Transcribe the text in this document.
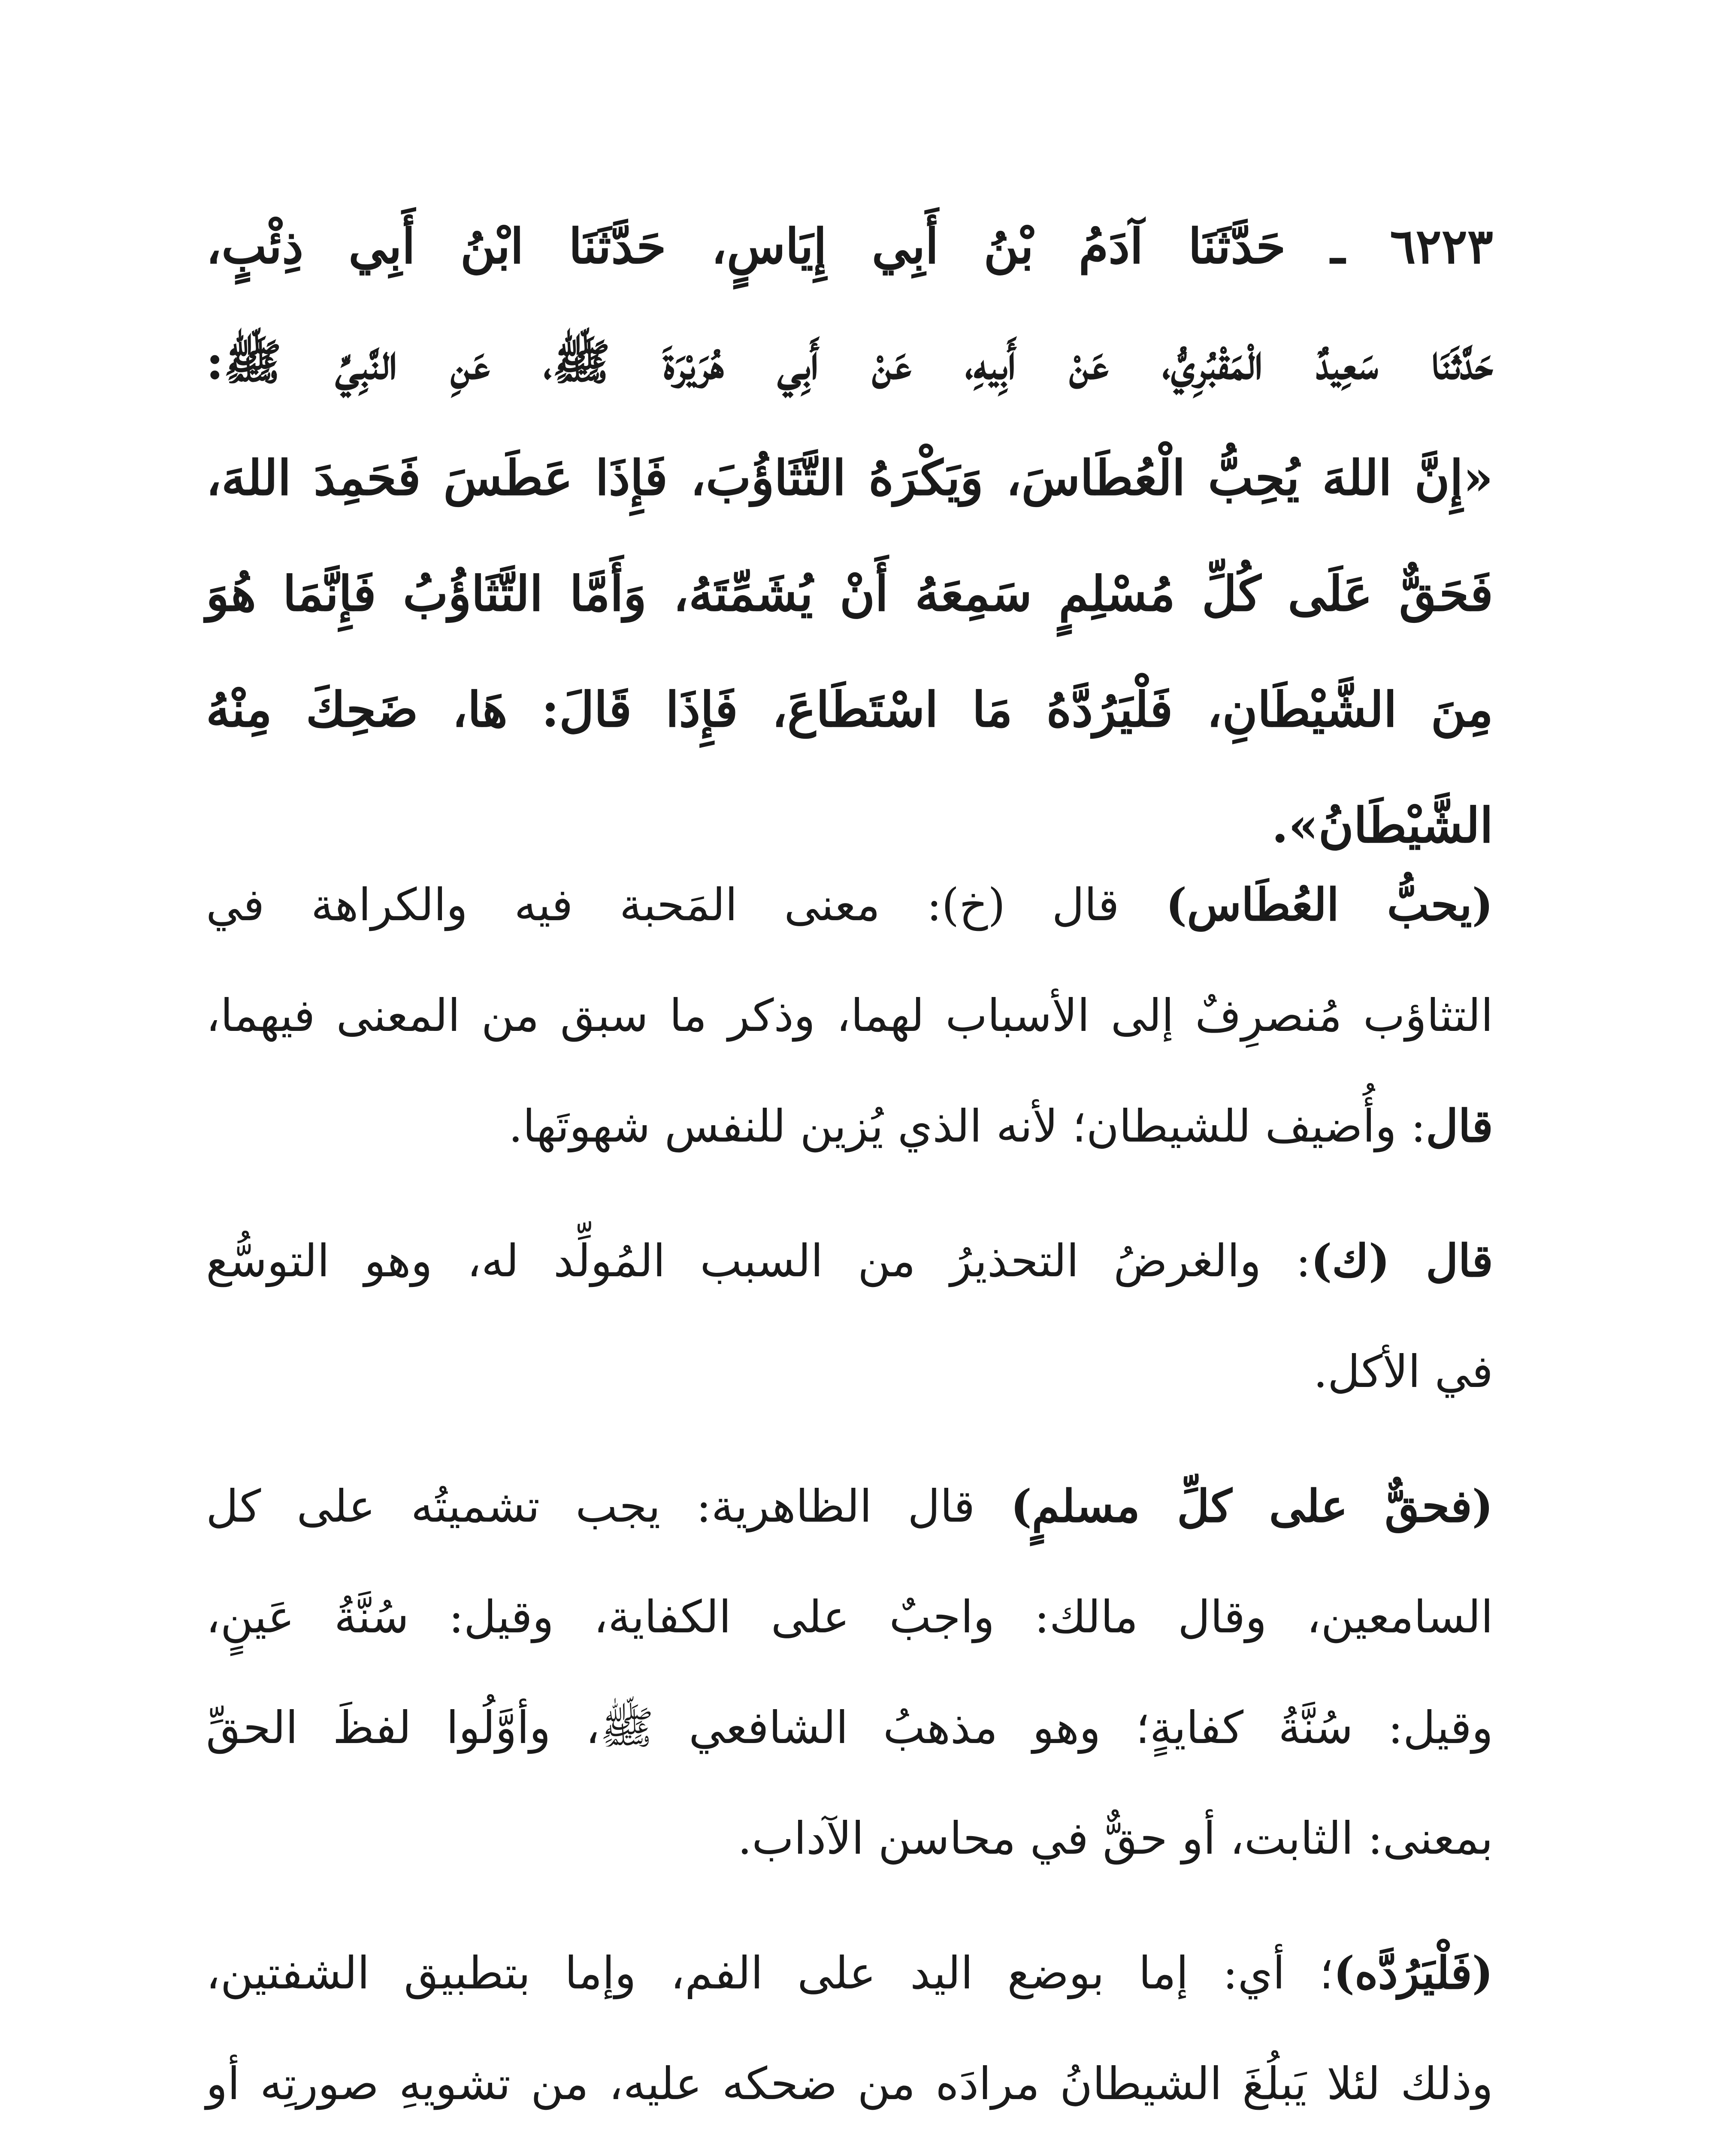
٦٢٢٣ ـ حَدَّثَنَا آدَمُ بْنُ أَبِي إِيَاسٍ، حَدَّثَنَا ابْنُ أَبِي ذِئْبٍ،
حَدَّثَنَا سَعِيدٌ الْمَقْبُرِيُّ، عَنْ أَبِيهِ، عَنْ أَبِي هُرَيْرَةَ ﷺ، عَنِ النَّبِيِّ ﷺ:
«إِنَّ اللهَ يُحِبُّ الْعُطَاسَ، وَيَكْرَهُ التَّثَاؤُبَ، فَإِذَا عَطَسَ فَحَمِدَ اللهَ،
فَحَقٌّ عَلَى كُلِّ مُسْلِمٍ سَمِعَهُ أَنْ يُشَمِّتَهُ، وَأَمَّا التَّثَاؤُبُ فَإِنَّمَا هُوَ
مِنَ الشَّيْطَانِ، فَلْيَرُدَّهُ مَا اسْتَطَاعَ، فَإِذَا قَالَ: هَا، ضَحِكَ مِنْهُ
الشَّيْطَانُ».
(يحبُّ العُطَاس) قال (خ): معنى المَحبة فيه والكراهة في
التثاؤب مُنصرِفٌ إلى الأسباب لهما، وذكر ما سبق من المعنى فيهما،
قال: وأُضيف للشيطان؛ لأنه الذي يُزين للنفس شهوتَها.
قال (ك): والغرضُ التحذيرُ من السبب المُولِّد له، وهو التوسُّع
في الأكل.
(فحقٌّ على كلِّ مسلمٍ) قال الظاهرية: يجب تشميتُه على كل
السامعين، وقال مالك: واجبٌ على الكفاية، وقيل: سُنَّةُ عَينٍ،
وقيل: سُنَّةُ كفايةٍ؛ وهو مذهبُ الشافعي ﷺ، وأوَّلُوا لفظَ الحقِّ
بمعنى: الثابت، أو حقٌّ في محاسن الآداب.
(فَلْيَرُدَّه)؛ أي: إما بوضع اليد على الفم، وإما بتطبيق الشفتين،
وذلك لئلا يَبلُغَ الشيطانُ مرادَه من ضحكه عليه، من تشويهِ صورتِه أو
